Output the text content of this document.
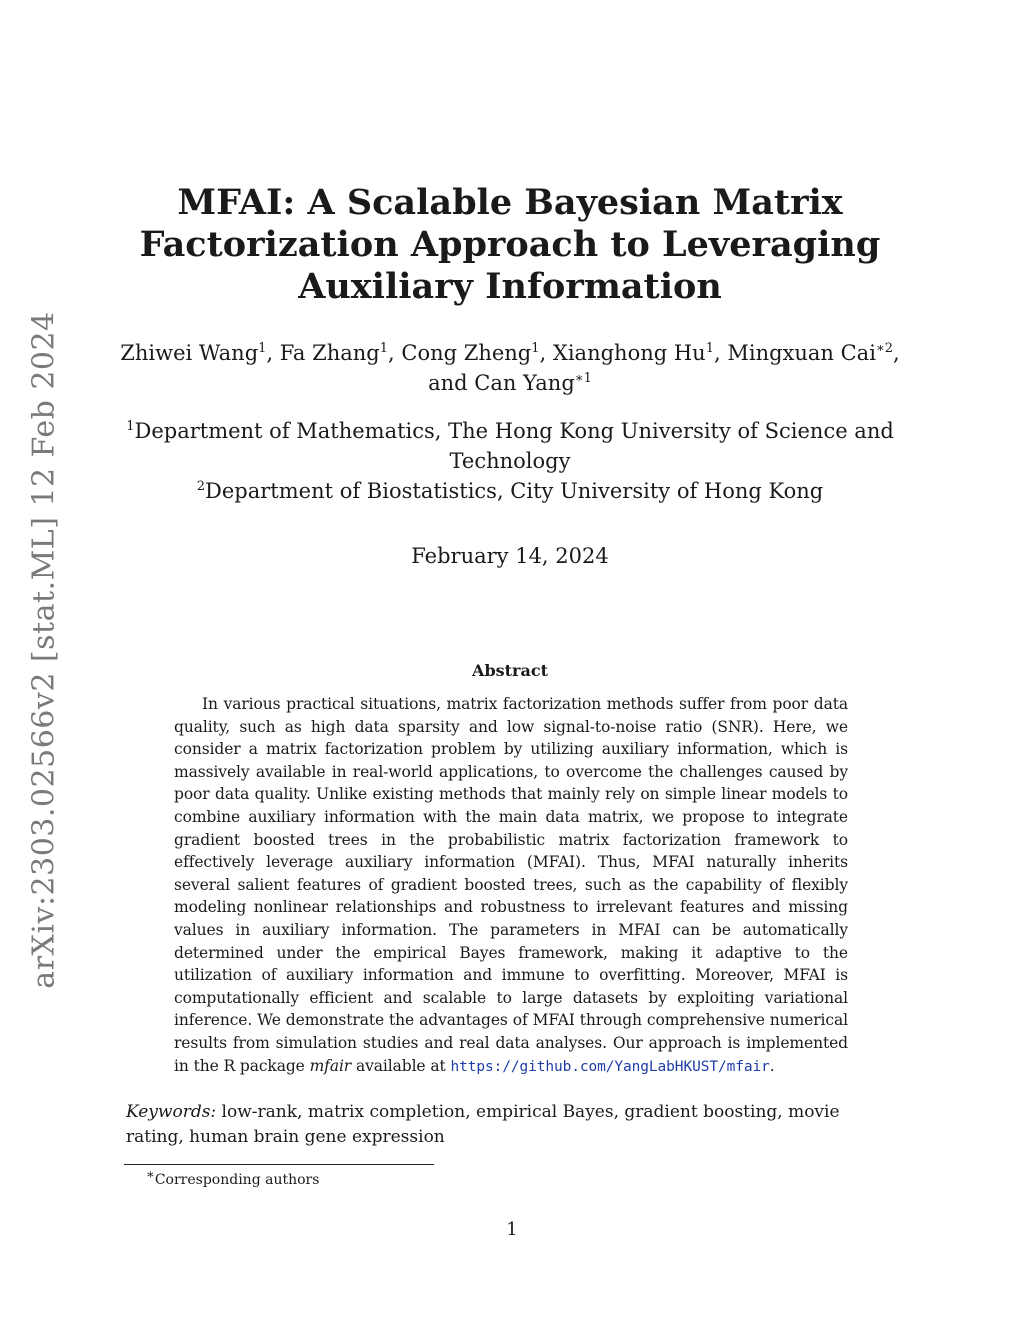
arXiv:2303.02566v2 [stat.ML] 12 Feb 2024
MFAI: A Scalable Bayesian Matrix
Factorization Approach to Leveraging
Auxiliary Information
Zhiwei Wang$^1$, Fa Zhang$^1$, Cong Zheng$^1$, Xianghong Hu$^1$, Mingxuan Cai$^{∗2}$,
and Can Yang$^{∗1}$
$^1$Department of Mathematics, The Hong Kong University of Science and
Technology
$^2$Department of Biostatistics, City University of Hong Kong
February 14, 2024
Abstract
In various practical situations, matrix factorization methods suffer from poor data quality, such as high data sparsity and low signal-to-noise ratio (SNR). Here, we consider a matrix factorization problem by utilizing auxiliary information, which is massively available in real-world applications, to overcome the challenges caused by poor data quality. Unlike existing methods that mainly rely on simple linear models to combine auxiliary information with the main data matrix, we propose to integrate gradient boosted trees in the probabilistic matrix factorization framework to effectively leverage auxiliary information (MFAI). Thus, MFAI naturally inherits several salient features of gradient boosted trees, such as the capability of flexibly modeling nonlinear relationships and robustness to irrelevant features and missing values in auxiliary information. The parameters in MFAI can be automatically determined under the empirical Bayes framework, making it adaptive to the utilization of auxiliary information and immune to overfitting. Moreover, MFAI is computationally efficient and scalable to large datasets by exploiting variational inference. We demonstrate the advantages of MFAI through comprehensive numerical results from simulation studies and real data analyses. Our approach is implemented in the R package mfair available at https://github.com/YangLabHKUST/mfair.
Keywords: low-rank, matrix completion, empirical Bayes, gradient boosting, movie rating, human brain gene expression
∗Corresponding authors
1
